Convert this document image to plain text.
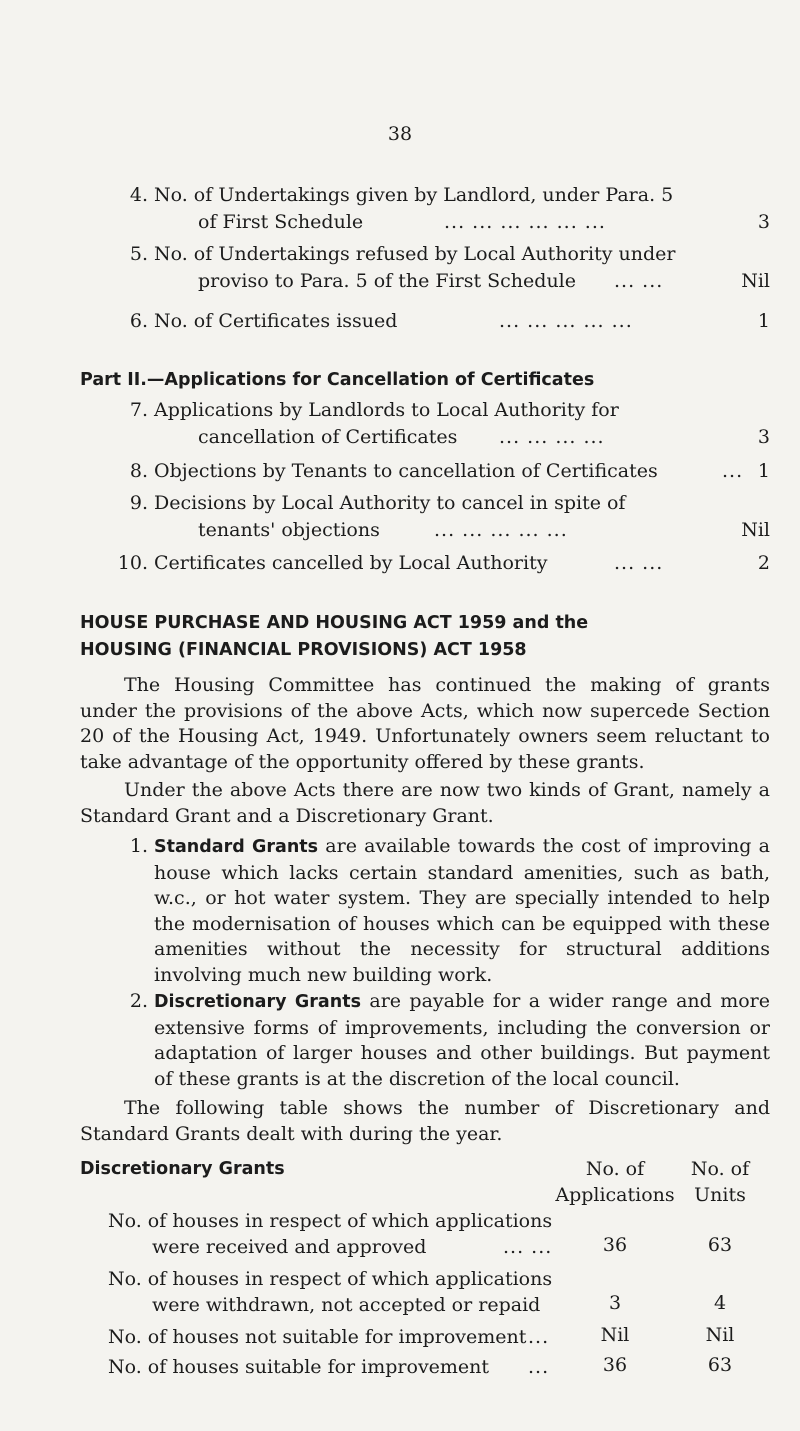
38
4. No. of Undertakings given by Landlord, under Para. 5
of First Schedule	... ... ... ... ... ...	3
5. No. of Undertakings refused by Local Authority under
proviso to Para. 5 of the First Schedule ... ...	Nil
6. No. of Certificates issued	... ... ... ... ...	1
Part II.—Applications for Cancellation of Certificates
7. Applications by Landlords to Local Authority for
cancellation of Certificates ... ... ... ...	3
8. Objections by Tenants to cancellation of Certificates	... 1
9. Decisions by Local Authority to cancel in spite of
tenants' objections	... ... ... ... ...	Nil
10. Certificates cancelled by Local Authority	... ...	2
HOUSE PURCHASE AND HOUSING ACT 1959 and the
HOUSING (FINANCIAL PROVISIONS) ACT 1958
The Housing Committee has continued the making of grants under the provisions of the above Acts, which now supercede Section 20 of the Housing Act, 1949. Unfortunately owners seem reluctant to take advantage of the opportunity offered by these grants.
Under the above Acts there are now two kinds of Grant, namely a Standard Grant and a Discretionary Grant.
1. Standard Grants are available towards the cost of improving a house which lacks certain standard amenities, such as bath, w.c., or hot water system. They are specially intended to help the modernisation of houses which can be equipped with these amenities without the necessity for structural additions involving much new building work.
2. Discretionary Grants are payable for a wider range and more extensive forms of improvements, including the conversion or adaptation of larger houses and other buildings. But payment of these grants is at the discretion of the local council.
The following table shows the number of Discretionary and Standard Grants dealt with during the year.
Discretionary Grants	No. of
Applications
No. of
Units
No. of houses in respect of which applications
were received and approved	... ...	36	63
No. of houses in respect of which applications
were withdrawn, not accepted or repaid	3	4
No. of houses not suitable for improvement ...	Nil	Nil
No. of houses suitable for improvement ...	36	63
